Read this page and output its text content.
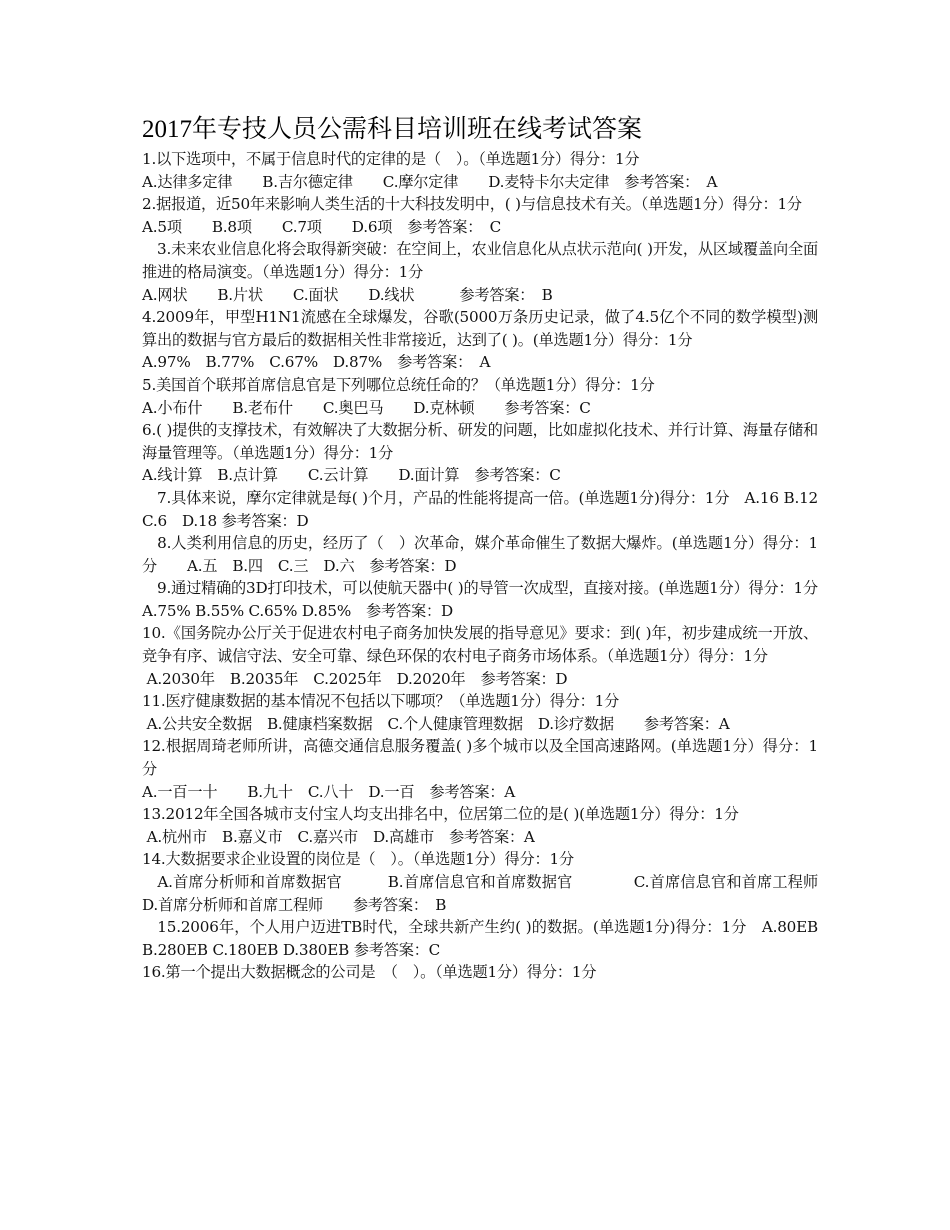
2017年专技人员公需科目培训班在线考试答案

1.以下选项中，不属于信息时代的定律的是（　）。（单选题1分）得分：1分

A.达律多定律　　B.吉尔德定律　　C.摩尔定律　　D.麦特卡尔夫定律　参考答案：　A

2.据报道，近50年来影响人类生活的十大科技发明中，( )与信息技术有关。（单选题1分）得分：1分

A.5项　　B.8项　　C.7项　　D.6项　参考答案：　C

　3.未来农业信息化将会取得新突破：在空间上，农业信息化从点状示范向( )开发，从区域覆盖向全面推进的格局演变。（单选题1分）得分：1分

A.网状　　B.片状　　C.面状　　D.线状　　　参考答案：　B

4.2009年，甲型H1N1流感在全球爆发，谷歌(5000万条历史记录，做了4.5亿个不同的数学模型)测算出的数据与官方最后的数据相关性非常接近，达到了( )。(单选题1分）得分：1分

A.97%　B.77%　C.67%　D.87%　参考答案：　A

5.美国首个联邦首席信息官是下列哪位总统任命的？（单选题1分）得分：1分

A.小布什　　B.老布什　　C.奥巴马　　D.克林顿　　参考答案：C

6.( )提供的支撑技术，有效解决了大数据分析、研发的问题，比如虚拟化技术、并行计算、海量存储和海量管理等。（单选题1分）得分：1分

A.线计算　B.点计算　　C.云计算　　D.面计算　参考答案：C

　7.具体来说，摩尔定律就是每( )个月，产品的性能将提高一倍。(单选题1分)得分：1分　A.16 B.12 C.6　D.18 参考答案：D

　8.人类利用信息的历史，经历了（　）次革命，媒介革命催生了数据大爆炸。(单选题1分）得分：1分　　A.五　B.四　C.三　D.六　参考答案：D

　9.通过精确的3D打印技术，可以使航天器中( )的导管一次成型，直接对接。(单选题1分）得分：1分　A.75% B.55% C.65% D.85%　参考答案：D

10.《国务院办公厅关于促进农村电子商务加快发展的指导意见》要求：到( )年，初步建成统一开放、竞争有序、诚信守法、安全可靠、绿色环保的农村电子商务市场体系。（单选题1分）得分：1分

A.2030年　B.2035年　C.2025年　D.2020年　参考答案：D

11.医疗健康数据的基本情况不包括以下哪项？（单选题1分）得分：1分

A.公共安全数据　B.健康档案数据　C.个人健康管理数据　D.诊疗数据　　参考答案：A

12.根据周琦老师所讲，高德交通信息服务覆盖( )多个城市以及全国高速路网。(单选题1分）得分：1分

A.一百一十　　B.九十　C.八十　D.一百　参考答案：A

13.2012年全国各城市支付宝人均支出排名中，位居第二位的是( )(单选题1分）得分：1分

A.杭州市　B.嘉义市　C.嘉兴市　D.高雄市　参考答案：A

14.大数据要求企业设置的岗位是（　）。（单选题1分）得分：1分

　A.首席分析师和首席数据官　　　B.首席信息官和首席数据官　　　　C.首席信息官和首席工程师　　　　D.首席分析师和首席工程师　　参考答案：　B

　15.2006年，个人用户迈进TB时代，全球共新产生约( )的数据。(单选题1分)得分：1分　A.80EB B.280EB C.180EB D.380EB 参考答案：C

16.第一个提出大数据概念的公司是　（　）。（单选题1分）得分：1分
